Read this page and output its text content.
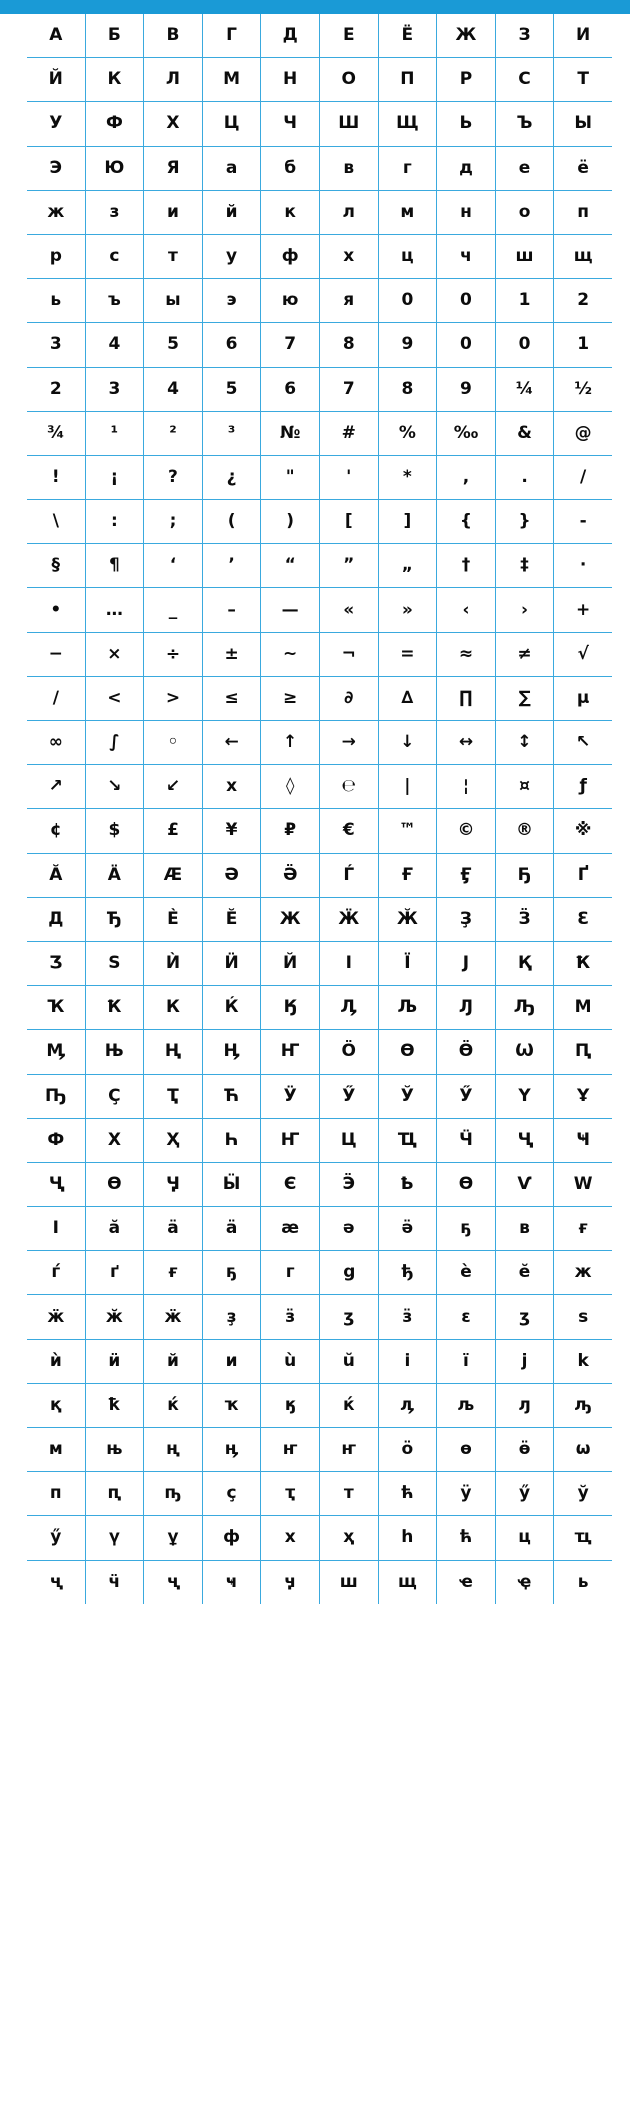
А	Б	В	Г	Д	Е	Ё	Ж	З	И
Й	К	Л	М	Н	О	П	Р	С	Т
У	Ф	Х	Ц	Ч	Ш	Щ	Ь	Ъ	Ы
Э	Ю	Я	а	б	в	г	д	е	ё
ж	з	и	й	к	л	м	н	о	п
р	с	т	у	ф	х	ц	ч	ш	щ
ь	ъ	ы	э	ю	я	0	0	1	2
3	4	5	6	7	8	9	0	0	1
2	3	4	5	6	7	8	9	¼	½
¾	¹	²	³	№	#	%	‰	&	@
!	¡	?	¿	"	'	*	,	.	/
\	:	;	(	)	[	]	{	}	-
§	¶	‘	’	“	”	„	†	‡	·
•	…	_	–	—	«	»	‹	›	+
−	×	÷	±	~	¬	=	≈	≠	√
∕	<	>	≤	≥	∂	∆	∏	∑	µ
∞	∫	◦	←	↑	→	↓	↔	↕	↖
↗	↘	↙	х	◊	℮	|	¦	¤	ƒ
¢	$	£	¥	₽	€	™	©	®	※
Ӑ	Ӓ	Ӕ	Ә	Ӛ	Ѓ	Ғ	Ӻ	Ҕ	Ґ
Д	Ђ	Ѐ	Ӗ	Ж	Ӝ	Ӂ	Ҙ	Ӟ	Ԑ
Ӡ	Ѕ	Ѝ	Ӥ	Й	І	Ї	Ј	Қ	Ҟ
Ҡ	Ҟ	К	Ќ	Ӄ	Ӆ	Љ	Ԓ	Ԡ	М
Ӎ	Њ	Ң	Ӊ	Ҥ	Ӧ	Ө	Ӫ	Ѡ	Ԥ
Ҧ	Ҫ	Ҭ	Ћ	Ӱ	Ӳ	Ў	Ӳ	Ү	Ұ
Ф	Х	Ҳ	Һ	Ҥ	Ц	Ҵ	Ӵ	Ҷ	Ҹ
Ҷ	Ѳ	Ӌ	Ӹ	Є	Ӭ	Ҍ	Ѳ	Ѵ	Ԝ
Ӏ	ӑ	ӓ	ӓ	ӕ	ә	ӛ	ҕ	ʙ	ғ
ѓ	ґ	ғ	ҕ	г	ց	ђ	ѐ	ӗ	ж
ӝ	ӂ	ӝ	ҙ	ӟ	ӡ	ӟ	ɛ	ӡ	ѕ
ѝ	ӥ	й	и	ù	ŭ	і	ї	ј	k
қ	ҟ	ќ	ҡ	ӄ	ќ	ӆ	љ	ԓ	ԡ
м	њ	ң	ӊ	ҥ	ҥ	ӧ	ө	ӫ	ѡ
п	ԥ	ҧ	ҫ	ҭ	т	ћ	ӱ	ӳ	ў
ӳ	ү	ұ	ф	х	ҳ	һ	ћ	ц	ҵ
ҷ	ӵ	ҷ	ҹ	ӌ	ш	щ	ҽ	ҿ	ь
